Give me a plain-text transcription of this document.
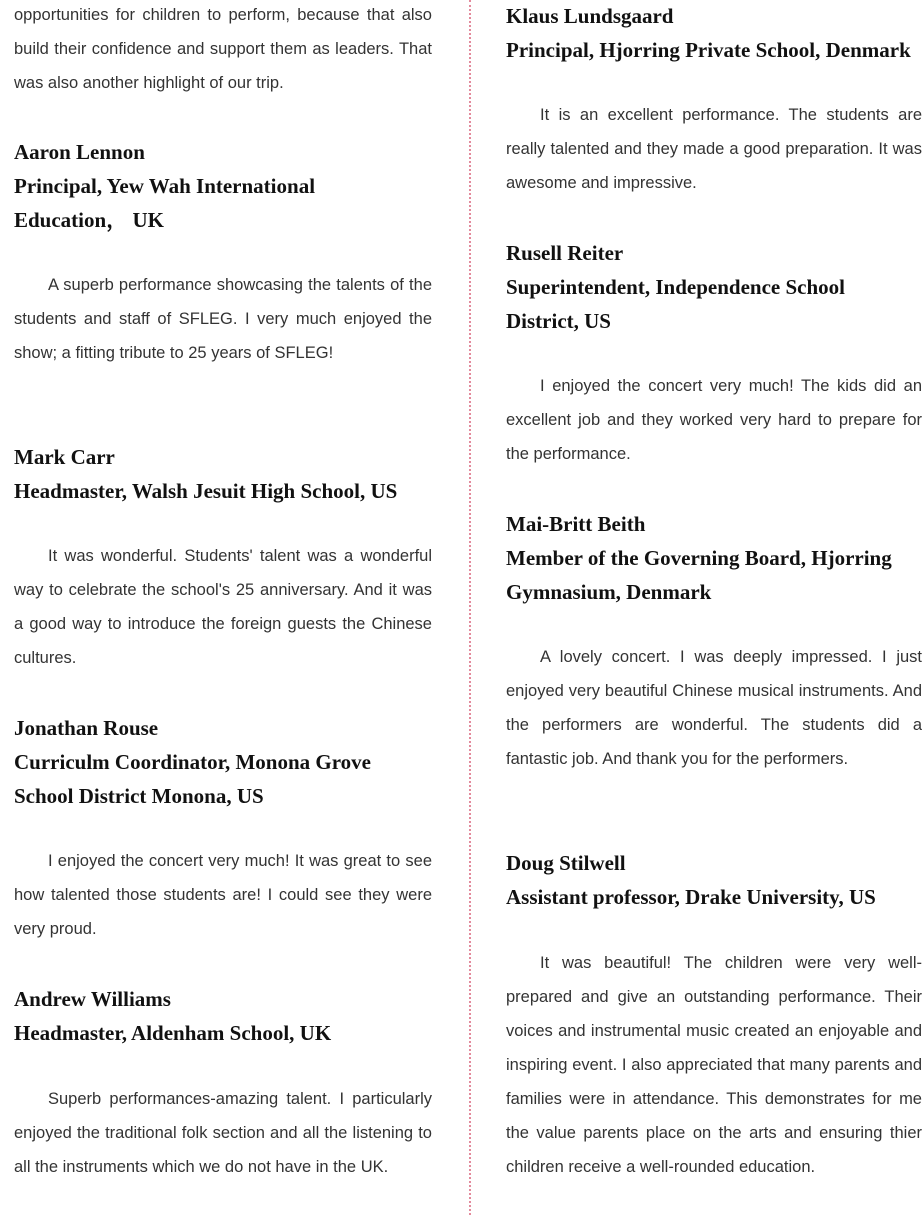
opportunities for children to perform, because that also build their confidence and support them as leaders. That was also another highlight of our trip.

Aaron Lennon

Principal, Yew Wah International
Education， UK

A superb performance showcasing the talents of the students and staff of SFLEG. I very much enjoyed the show; a fitting tribute to 25 years of SFLEG!

Mark Carr

Headmaster, Walsh Jesuit High School, US

It was wonderful. Students' talent was a wonderful way to celebrate the school's 25 anniversary. And it was a good way to introduce the foreign guests the Chinese cultures.

Jonathan Rouse

Curriculm Coordinator, Monona Grove
School District Monona, US

I enjoyed the concert very much! It was great to see how talented those students are! I could see they were very proud.

Andrew Williams

Headmaster, Aldenham School, UK

Superb performances-amazing talent. I particularly enjoyed the traditional folk section and all the listening to all the instruments which we do not have in the UK.

Klaus Lundsgaard

Principal, Hjorring Private School, Denmark

It is an excellent performance. The students are really talented and they made a good preparation. It was awesome and impressive.

Rusell Reiter

Superintendent, Independence School
District, US

I enjoyed the concert very much! The kids did an excellent job and they worked very hard to prepare for the performance.

Mai-Britt Beith

Member of the Governing Board, Hjorring
Gymnasium, Denmark

A lovely concert. I was deeply impressed. I just enjoyed very beautiful Chinese musical instruments. And the performers are wonderful. The students did a fantastic job. And thank you for the performers.

Doug Stilwell

Assistant professor, Drake University, US

It was beautiful! The children were very well-prepared and give an outstanding performance. Their voices and instrumental music created an enjoyable and inspiring event. I also appreciated that many parents and families were in attendance. This demonstrates for me the value parents place on the arts and ensuring thier children receive a well-rounded education.
